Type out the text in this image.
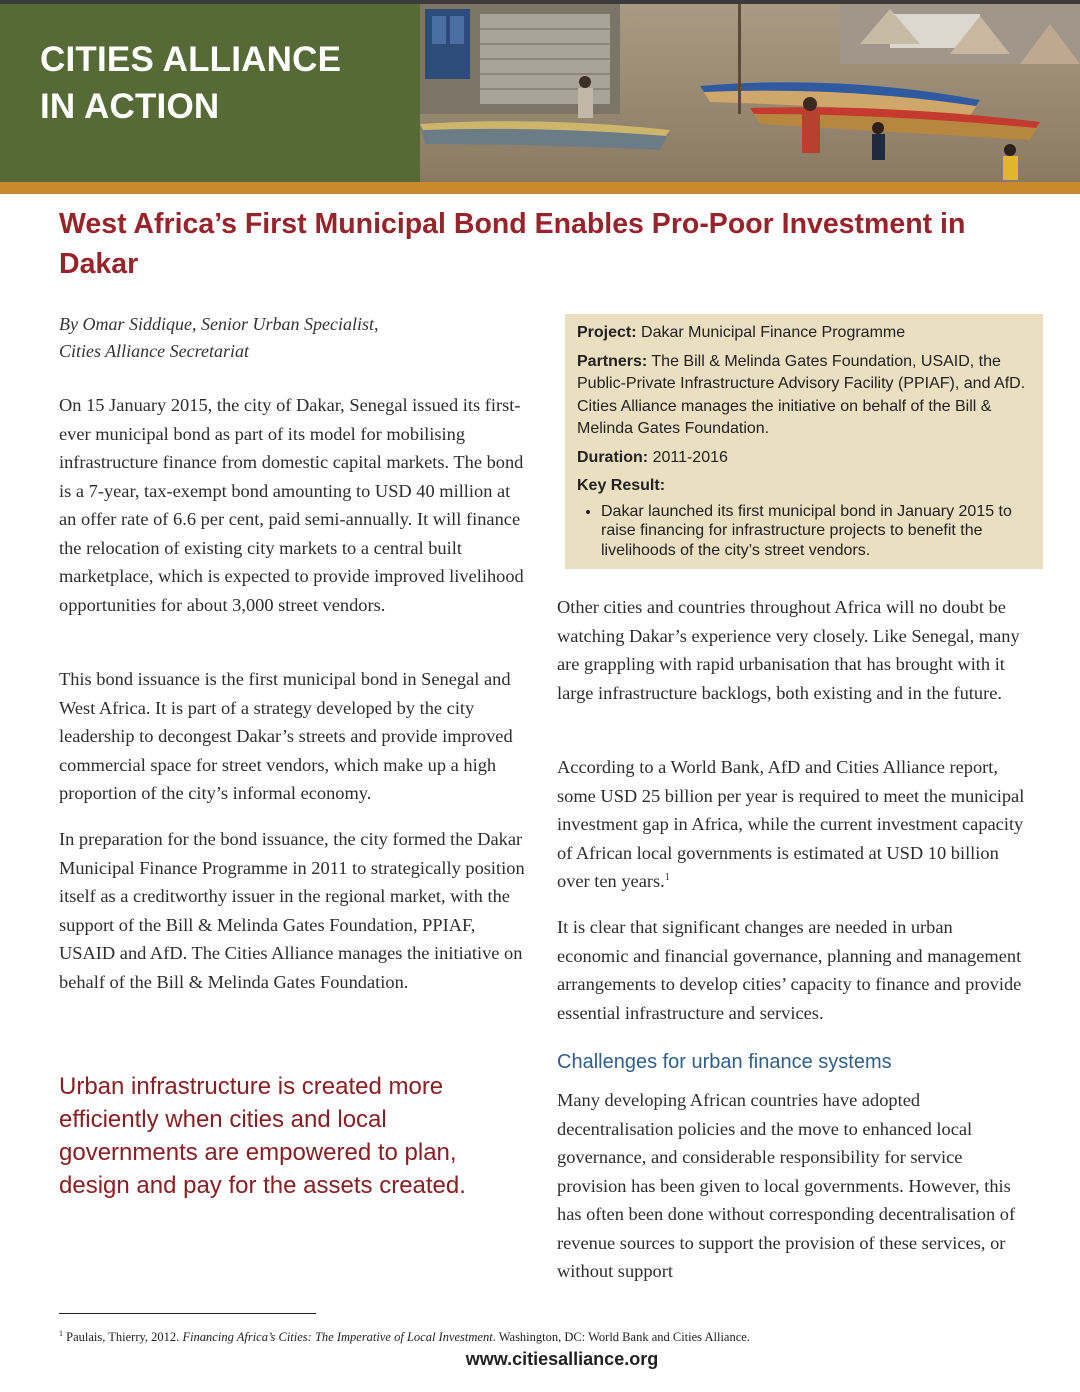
CITIES ALLIANCE
IN ACTION
West Africa’s First Municipal Bond Enables Pro-Poor Investment in Dakar
By Omar Siddique, Senior Urban Specialist,
Cities Alliance Secretariat

On 15 January 2015, the city of Dakar, Senegal issued its first-ever municipal bond as part of its model for mobilising infrastructure finance from domestic capital markets. The bond is a 7-year, tax-exempt bond amounting to USD 40 million at an offer rate of 6.6 per cent, paid semi-annually. It will finance the relocation of existing city markets to a central built marketplace, which is expected to provide improved livelihood opportunities for about 3,000 street vendors.

This bond issuance is the first municipal bond in Senegal and West Africa. It is part of a strategy developed by the city leadership to decongest Dakar’s streets and provide improved commercial space for street vendors, which make up a high proportion of the city’s informal economy.

In preparation for the bond issuance, the city formed the Dakar Municipal Finance Programme in 2011 to strategically position itself as a creditworthy issuer in the regional market, with the support of the Bill & Melinda Gates Foundation, PPIAF, USAID and AfD. The Cities Alliance manages the initiative on behalf of the Bill & Melinda Gates Foundation.

Urban infrastructure is created more efficiently when cities and local governments are empowered to plan, design and pay for the assets created.

Project: Dakar Municipal Finance Programme

Partners: The Bill & Melinda Gates Foundation, USAID, the Public-Private Infrastructure Advisory Facility (PPIAF), and AfD. Cities Alliance manages the initiative on behalf of the Bill & Melinda Gates Foundation.

Duration: 2011-2016

Key Result:

• Dakar launched its first municipal bond in January 2015 to raise financing for infrastructure projects to benefit the livelihoods of the city’s street vendors.

Other cities and countries throughout Africa will no doubt be watching Dakar’s experience very closely. Like Senegal, many are grappling with rapid urbanisation that has brought with it large infrastructure backlogs, both existing and in the future.

According to a World Bank, AfD and Cities Alliance report, some USD 25 billion per year is required to meet the municipal investment gap in Africa, while the current investment capacity of African local governments is estimated at USD 10 billion over ten years.$^1$

It is clear that significant changes are needed in urban economic and financial governance, planning and management arrangements to develop cities’ capacity to finance and provide essential infrastructure and services.

Challenges for urban finance systems

Many developing African countries have adopted decentralisation policies and the move to enhanced local governance, and considerable responsibility for service provision has been given to local governments. However, this has often been done without corresponding decentralisation of revenue sources to support the provision of these services, or without support

$^1$ Paulais, Thierry, 2012. Financing Africa’s Cities: The Imperative of Local Investment. Washington, DC: World Bank and Cities Alliance.
www.citiesalliance.org
